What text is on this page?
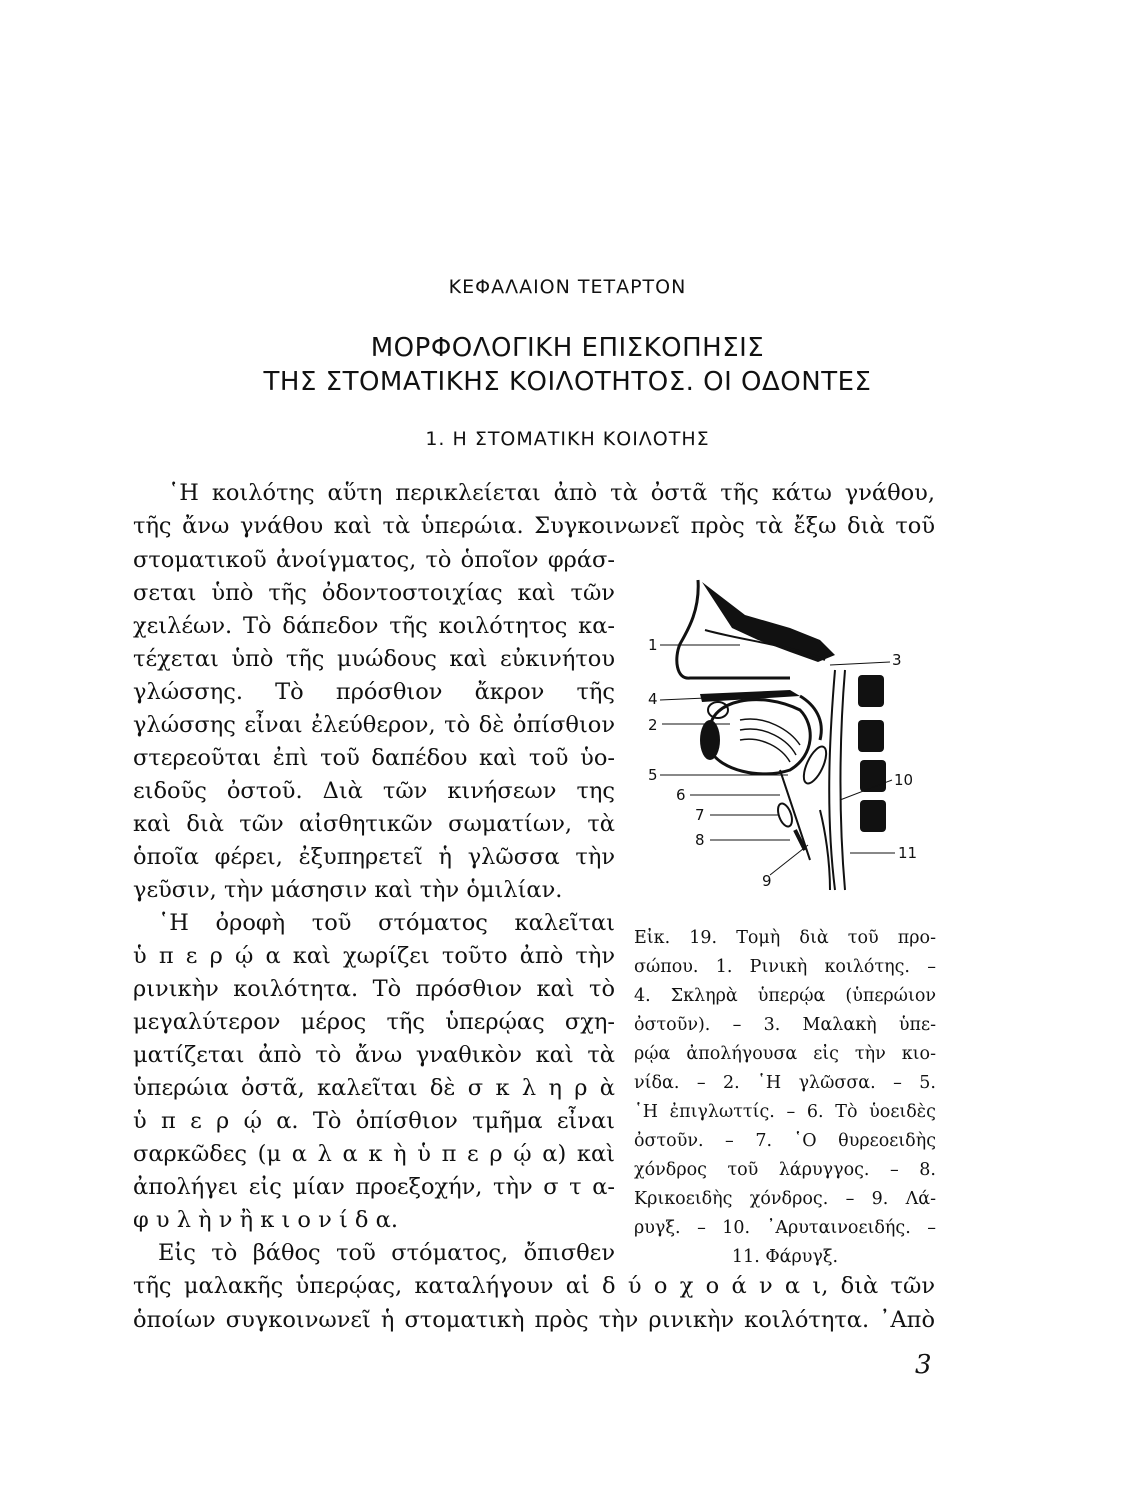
ΚΕΦΑΛΑΙΟΝ ΤΕΤΑΡΤΟΝ

ΜΟΡΦΟΛΟΓΙΚΗ ΕΠΙΣΚΟΠΗΣΙΣ

ΤΗΣ ΣΤΟΜΑΤΙΚΗΣ ΚΟΙΛΟΤΗΤΟΣ. ΟΙ ΟΔΟΝΤΕΣ

1. Η ΣΤΟΜΑΤΙΚΗ ΚΟΙΛΟΤΗΣ

῾Η κοιλότης αὕτη περικλείεται ἀπὸ τὰ ὀστᾶ τῆς κάτω γνάθου,

τῆς ἄνω γνάθου καὶ τὰ ὑπερώια. Συγκοινωνεῖ πρὸς τὰ ἔξω διὰ τοῦ

στοματικοῦ ἀνοίγματος, τὸ ὁποῖον φράσ-

σεται ὑπὸ τῆς ὀδοντοστοιχίας καὶ τῶν

χειλέων. Τὸ δάπεδον τῆς κοιλότητος κα-

τέχεται ὑπὸ τῆς μυώδους καὶ εὐκινήτου

γλώσσης. Τὸ πρόσθιον ἄκρον τῆς

γλώσσης εἶναι ἐλεύθερον, τὸ δὲ ὀπίσθιον

στερεοῦται ἐπὶ τοῦ δαπέδου καὶ τοῦ ὑο-

ειδοῦς ὀστοῦ. Διὰ τῶν κινήσεων της

καὶ διὰ τῶν αἰσθητικῶν σωματίων, τὰ

ὁποῖα φέρει, ἐξυπηρετεῖ ἡ γλῶσσα τὴν

γεῦσιν, τὴν μάσησιν καὶ τὴν ὁμιλίαν.

῾Η ὀροφὴ τοῦ στόματος καλεῖται

ὑ π ε ρ ῴ α καὶ χωρίζει τοῦτο ἀπὸ τὴν

ρινικὴν κοιλότητα. Τὸ πρόσθιον καὶ τὸ

μεγαλύτερον μέρος τῆς ὑπερῴας σχη-

ματίζεται ἀπὸ τὸ ἄνω γναθικὸν καὶ τὰ

ὑπερώια ὀστᾶ, καλεῖται δὲ σ κ λ η ρ ὰ

ὑ π ε ρ ῴ α. Τὸ ὀπίσθιον τμῆμα εἶναι

σαρκῶδες (μ α λ α κ ὴ ὑ π ε ρ ῴ α) καὶ

ἀπολήγει εἰς μίαν προεξοχήν, τὴν σ τ α-

φ υ λ ὴ ν ἢ κ ι ο ν ί δ α.

Εἰς τὸ βάθος τοῦ στόματος, ὄπισθεν

τῆς μαλακῆς ὑπερῴας, καταλήγουν αἱ δ ύ ο χ ο ά ν α ι, διὰ τῶν

ὁποίων συγκοινωνεῖ ἡ στοματικὴ πρὸς τὴν ρινικὴν κοιλότητα. ᾿Απὸ

1
3
4
2
5
6
7
8
9
10
11

Εἰκ. 19. Τομὴ διὰ τοῦ προ-

σώπου. 1. Ρινικὴ κοιλότης. –

4. Σκληρὰ ὑπερῴα (ὑπερώιον

ὀστοῦν). – 3. Μαλακὴ ὑπε-

ρῴα ἀπολήγουσα εἰς τὴν κιο-

νίδα. – 2. ῾Η γλῶσσα. – 5.

῾Η ἐπιγλωττίς. – 6. Τὸ ὑοειδὲς

ὀστοῦν. – 7. ῾Ο θυρεοειδὴς

χόνδρος τοῦ λάρυγγος. – 8.

Κρικοειδὴς χόνδρος. – 9. Λά-

ρυγξ. – 10. ᾿Αρυταινοειδής. –

11. Φάρυγξ.

3
